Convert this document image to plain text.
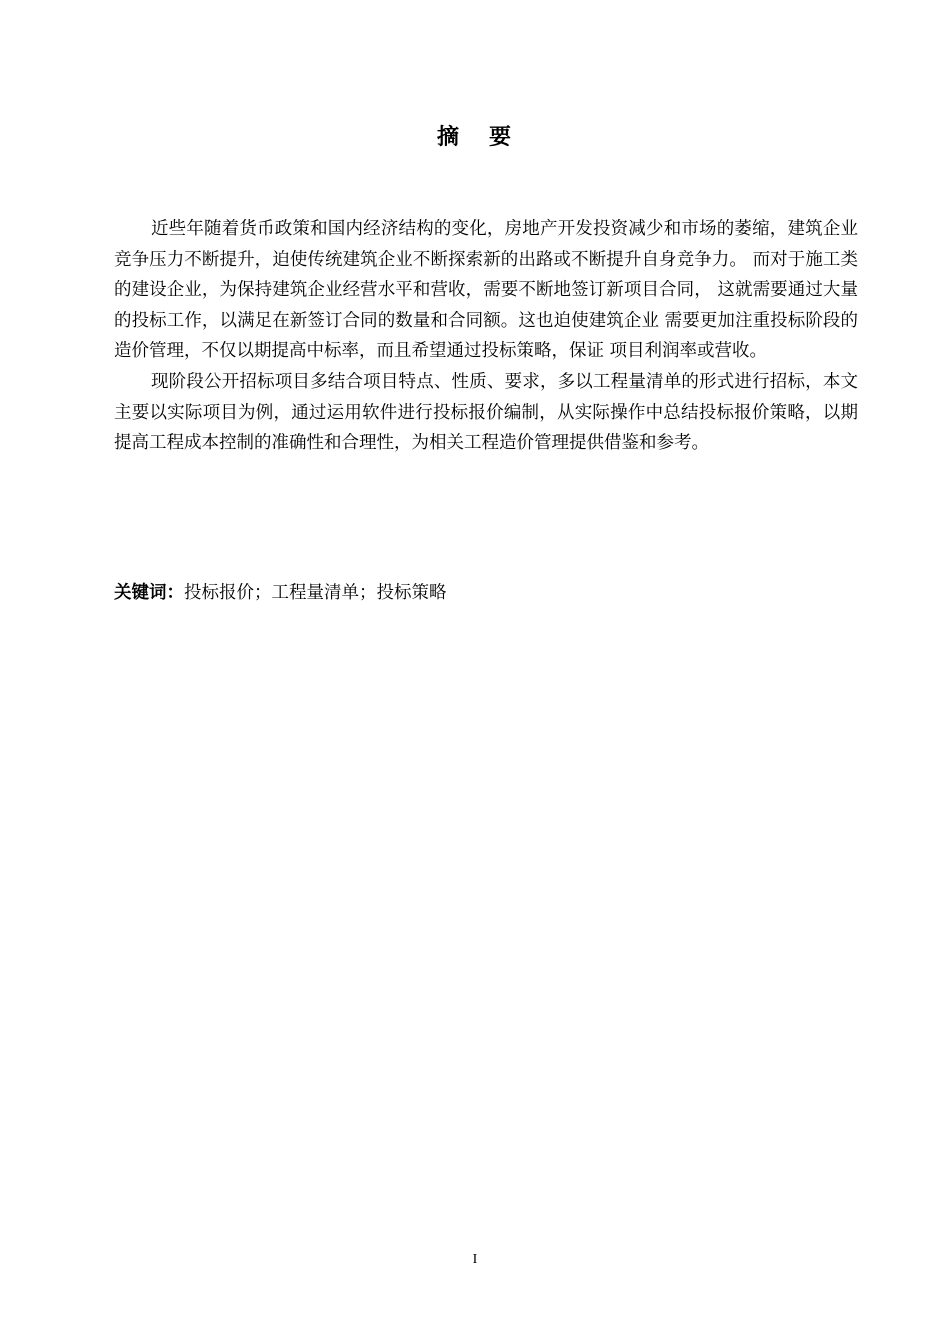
摘 要

近些年随着货币政策和国内经济结构的变化，房地产开发投资减少和市场的萎缩，建筑企业竞争压力不断提升，迫使传统建筑企业不断探索新的出路或不断提升自身竞争力。 而对于施工类的建设企业，为保持建筑企业经营水平和营收，需要不断地签订新项目合同， 这就需要通过大量的投标工作，以满足在新签订合同的数量和合同额。这也迫使建筑企业 需要更加注重投标阶段的造价管理，不仅以期提高中标率，而且希望通过投标策略，保证 项目利润率或营收。

现阶段公开招标项目多结合项目特点、性质、要求，多以工程量清单的形式进行招标，本文主要以实际项目为例，通过运用软件进行投标报价编制，从实际操作中总结投标报价策略，以期提高工程成本控制的准确性和合理性，为相关工程造价管理提供借鉴和参考。

关键词：投标报价；工程量清单；投标策略
I
